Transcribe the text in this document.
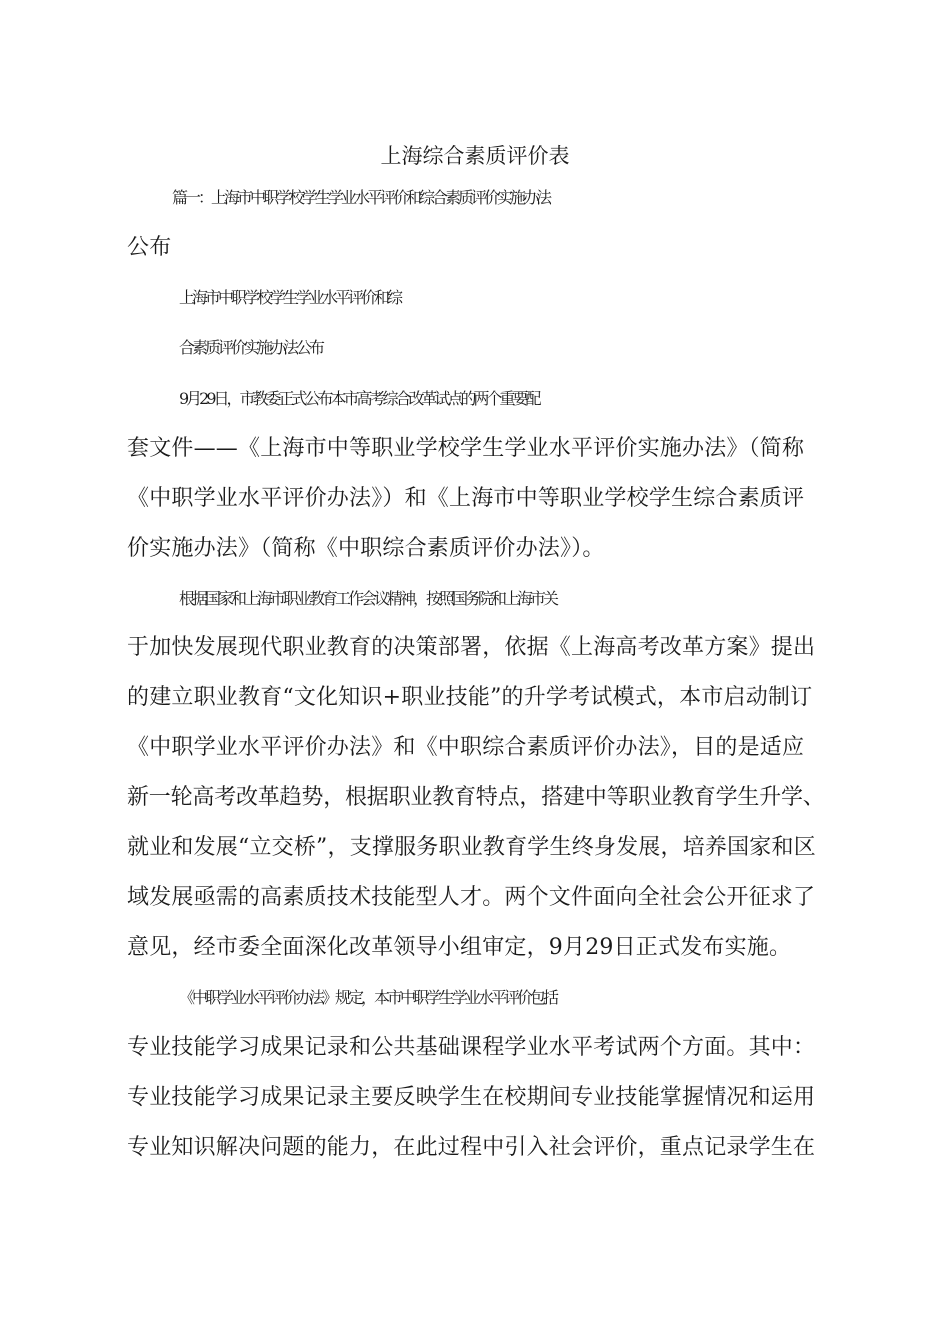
上海综合素质评价表
篇一：上海市中职学校学生学业水平评价和综合素质评价实施办法
公布
上海市中职学校学生学业水平评价和综
合素质评价实施办法公布
9月29日，市教委正式公布本市高考综合改革试点的两个重要配
套文件——《上海市中等职业学校学生学业水平评价实施办法》（简称
《中职学业水平评价办法》）和《上海市中等职业学校学生综合素质评
价实施办法》（简称《中职综合素质评价办法》）。
根据国家和上海市职业教育工作会议精神，按照国务院和上海市关
于加快发展现代职业教育的决策部署，依据《上海高考改革方案》提出
的建立职业教育“文化知识+职业技能”的升学考试模式，本市启动制订
《中职学业水平评价办法》和《中职综合素质评价办法》，目的是适应
新一轮高考改革趋势，根据职业教育特点，搭建中等职业教育学生升学、
就业和发展“立交桥”，支撑服务职业教育学生终身发展，培养国家和区
域发展亟需的高素质技术技能型人才。两个文件面向全社会公开征求了
意见，经市委全面深化改革领导小组审定，9月29日正式发布实施。
《中职学业水平评价办法》规定，本市中职学生学业水平评价包括
专业技能学习成果记录和公共基础课程学业水平考试两个方面。其中：
专业技能学习成果记录主要反映学生在校期间专业技能掌握情况和运用
专业知识解决问题的能力，在此过程中引入社会评价，重点记录学生在
